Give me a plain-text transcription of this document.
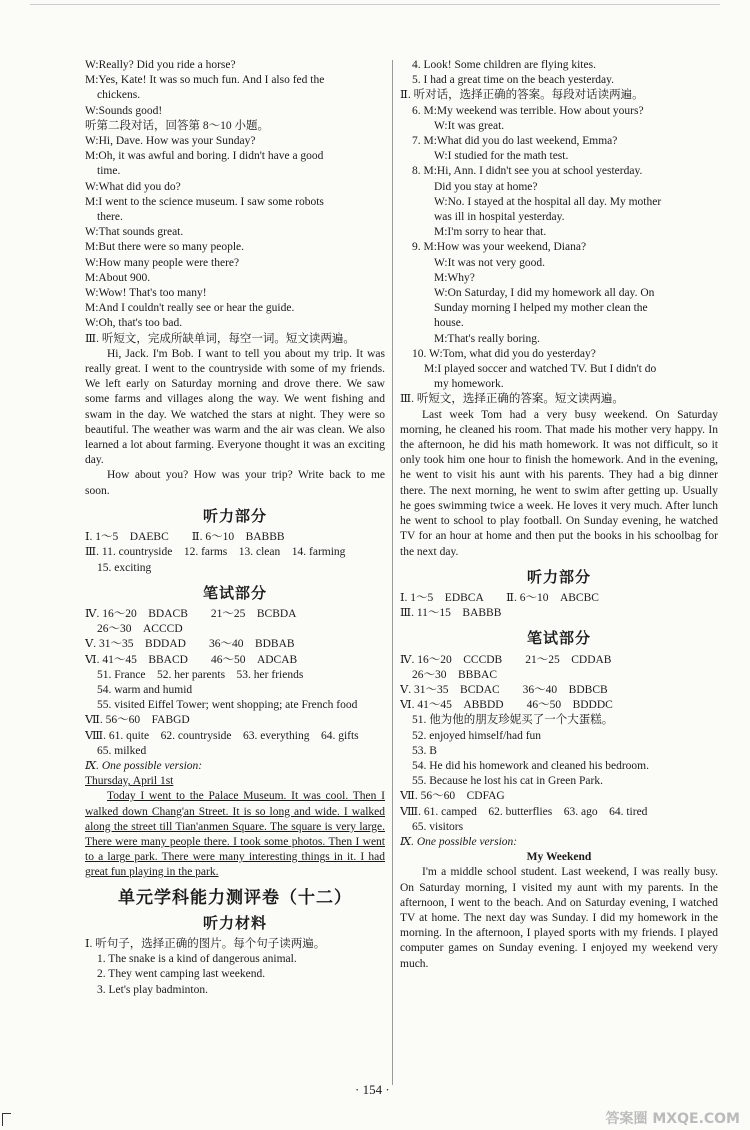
W:Really? Did you ride a horse?
M:Yes, Kate! It was so much fun. And I also fed the
chickens.
W:Sounds good!
听第二段对话，回答第 8～10 小题。
W:Hi, Dave. How was your Sunday?
M:Oh, it was awful and boring. I didn't have a good
time.
W:What did you do?
M:I went to the science museum. I saw some robots
there.
W:That sounds great.
M:But there were so many people.
W:How many people were there?
M:About 900.
W:Wow! That's too many!
M:And I couldn't really see or hear the guide.
W:Oh, that's too bad.
Ⅲ. 听短文，完成所缺单词，每空一词。短文读两遍。

Hi, Jack. I'm Bob. I want to tell you about my trip. It was really great. I went to the countryside with some of my friends. We left early on Saturday morning and drove there. We saw some farms and villages along the way. We went fishing and swam in the day. We watched the stars at night. They were so beautiful. The weather was warm and the air was clean. We also learned a lot about farming. Everyone thought it was an exciting day.

How about you? How was your trip? Write back to me soon.

听力部分
Ⅰ. 1～5　DAEBC　　Ⅱ. 6～10　BABBB
Ⅲ. 11. countryside　12. farms　13. clean　14. farming
15. exciting
笔试部分
Ⅳ. 16～20　BDACB　　21～25　BCBDA
26～30　ACCCD
Ⅴ. 31～35　BDDAD　　36～40　BDBAB
Ⅵ. 41～45　BBACD　　46～50　ADCAB
51. France　52. her parents　53. her friends
54. warm and humid
55. visited Eiffel Tower; went shopping; ate French food
Ⅶ. 56～60　FABGD
Ⅷ. 61. quite　62. countryside　63. everything　64. gifts
65. milked
Ⅸ. One possible version:
Thursday, April 1st

Today I went to the Palace Museum. It was cool. Then I walked down Chang'an Street. It is so long and wide. I walked along the street till Tian'anmen Square. The square is very large. There were many people there. I took some photos. Then I went to a large park. There were many interesting things in it. I had great fun playing in the park.

单元学科能力测评卷（十二）
听力材料
Ⅰ. 听句子，选择正确的图片。每个句子读两遍。
1. The snake is a kind of dangerous animal.
2. They went camping last weekend.
3. Let's play badminton.
4. Look! Some children are flying kites.
5. I had a great time on the beach yesterday.
Ⅱ. 听对话，选择正确的答案。每段对话读两遍。
6. M:My weekend was terrible. How about yours?
W:It was great.
7. M:What did you do last weekend, Emma?
W:I studied for the math test.
8. M:Hi, Ann. I didn't see you at school yesterday.
Did you stay at home?
W:No. I stayed at the hospital all day. My mother
was ill in hospital yesterday.
M:I'm sorry to hear that.
9. M:How was your weekend, Diana?
W:It was not very good.
M:Why?
W:On Saturday, I did my homework all day. On
Sunday morning I helped my mother clean the
house.
M:That's really boring.
10. W:Tom, what did you do yesterday?
M:I played soccer and watched TV. But I didn't do
my homework.
Ⅲ. 听短文，选择正确的答案。短文读两遍。

Last week Tom had a very busy weekend. On Saturday morning, he cleaned his room. That made his mother very happy. In the afternoon, he did his math homework. It was not difficult, so it only took him one hour to finish the homework. And in the evening, he went to visit his aunt with his parents. They had a big dinner there. The next morning, he went to swim after getting up. Usually he goes swimming twice a week. He loves it very much. After lunch he went to school to play football. On Sunday evening, he watched TV for an hour at home and then put the books in his schoolbag for the next day.

听力部分
Ⅰ. 1～5　EDBCA　　Ⅱ. 6～10　ABCBC
Ⅲ. 11～15　BABBB
笔试部分
Ⅳ. 16～20　CCCDB　　21～25　CDDAB
26～30　BBBAC
Ⅴ. 31～35　BCDAC　　36～40　BDBCB
Ⅵ. 41～45　ABBDD　　46～50　BDDDC
51. 他为他的朋友珍妮买了一个大蛋糕。
52. enjoyed himself/had fun
53. B
54. He did his homework and cleaned his bedroom.
55. Because he lost his cat in Green Park.
Ⅶ. 56～60　CDFAG
Ⅷ. 61. camped　62. butterflies　63. ago　64. tired
65. visitors
Ⅸ. One possible version:
My Weekend

I'm a middle school student. Last weekend, I was really busy. On Saturday morning, I visited my aunt with my parents. In the afternoon, I went to the beach. And on Saturday evening, I watched TV at home. The next day was Sunday. I did my homework in the morning. In the afternoon, I played sports with my friends. I played computer games on Sunday evening. I enjoyed my weekend very much.

· 154 ·
答案圈 MXQE.COM
